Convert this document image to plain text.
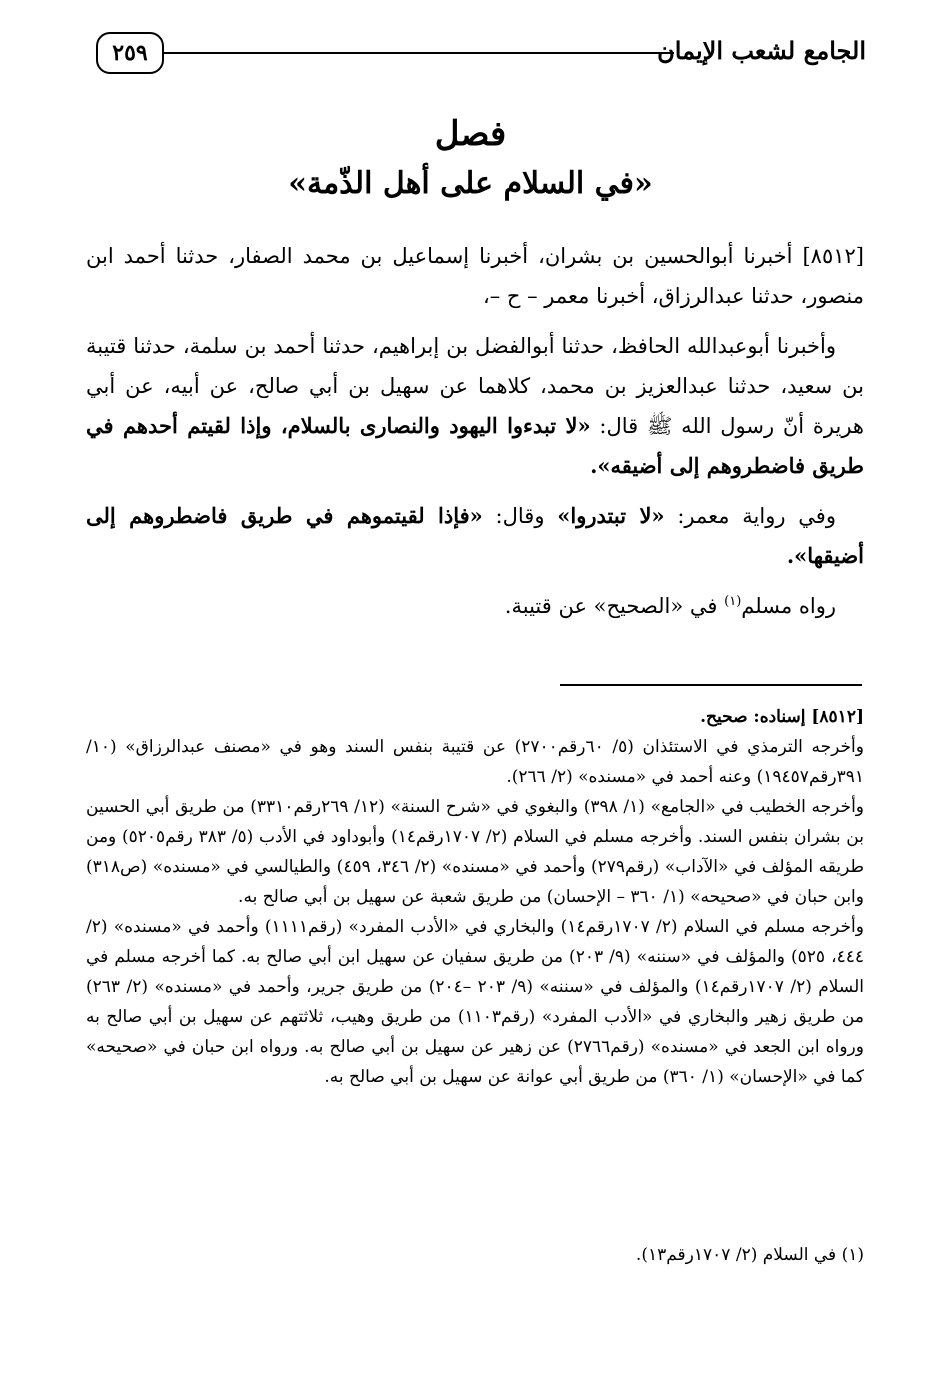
٢٥٩	الجامع لشعب الإيمان
فصل
«في السلام على أهل الذّمة»

[٨٥١٢] أخبرنا أبوالحسين بن بشران، أخبرنا إسماعيل بن محمد الصفار، حدثنا أحمد ابن منصور، حدثنا عبدالرزاق، أخبرنا معمر – ح –،

وأخبرنا أبوعبدالله الحافظ، حدثنا أبوالفضل بن إبراهيم، حدثنا أحمد بن سلمة، حدثنا قتيبة بن سعيد، حدثنا عبدالعزيز بن محمد، كلاهما عن سهيل بن أبي صالح، عن أبيه، عن أبي هريرة أنّ رسول الله ﷺ قال: «لا تبدءوا اليهود والنصارى بالسلام، وإذا لقيتم أحدهم في طريق فاضطروهم إلى أضيقه».

وفي رواية معمر: «لا تبتدروا» وقال: «فإذا لقيتموهم في طريق فاضطروهم إلى أضيقها».

رواه مسلم$^{(١)}$ في «الصحيح» عن قتيبة.

[٨٥١٢] إسناده: صحيح.

وأخرجه الترمذي في الاستئذان (٥/ ٦٠رقم٢٧٠٠) عن قتيبة بنفس السند وهو في «مصنف عبدالرزاق» (١٠/ ٣٩١رقم١٩٤٥٧) وعنه أحمد في «مسنده» (٢/ ٢٦٦).

وأخرجه الخطيب في «الجامع» (١/ ٣٩٨) والبغوي في «شرح السنة» (١٢/ ٢٦٩رقم٣٣١٠) من طريق أبي الحسين بن بشران بنفس السند. وأخرجه مسلم في السلام (٢/ ١٧٠٧رقم١٤) وأبوداود في الأدب (٥/ ٣٨٣ رقم٥٢٠٥) ومن طريقه المؤلف في «الآداب» (رقم٢٧٩) وأحمد في «مسنده» (٢/ ٣٤٦، ٤٥٩) والطيالسي في «مسنده» (ص٣١٨) وابن حبان في «صحيحه» (١/ ٣٦٠ – الإحسان) من طريق شعبة عن سهيل بن أبي صالح به.

وأخرجه مسلم في السلام (٢/ ١٧٠٧رقم١٤) والبخاري في «الأدب المفرد» (رقم١١١١) وأحمد في «مسنده» (٢/ ٤٤٤، ٥٢٥) والمؤلف في «سننه» (٩/ ٢٠٣) من طريق سفيان عن سهيل ابن أبي صالح به. كما أخرجه مسلم في السلام (٢/ ١٧٠٧رقم١٤) والمؤلف في «سننه» (٩/ ٢٠٣ –٢٠٤) من طريق جرير، وأحمد في «مسنده» (٢/ ٢٦٣) من طريق زهير والبخاري في «الأدب المفرد» (رقم١١٠٣) من طريق وهيب، ثلاثتهم عن سهيل بن أبي صالح به ورواه ابن الجعد في «مسنده» (رقم٢٧٦٦) عن زهير عن سهيل بن أبي صالح به. ورواه ابن حبان في «صحيحه» كما في «الإحسان» (١/ ٣٦٠) من طريق أبي عوانة عن سهيل بن أبي صالح به.

(١) في السلام (٢/ ١٧٠٧رقم١٣).
